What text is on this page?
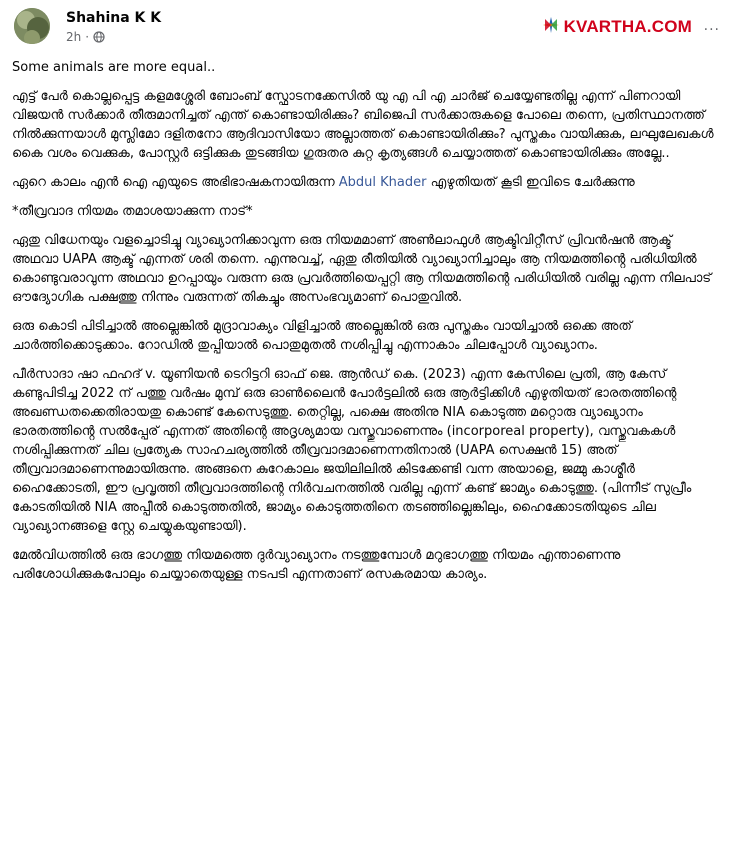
Shahina K K
2h ·
KVARTHA.COM ···

Some animals are more equal..

എട്ട് പേർ കൊല്ലപ്പെട്ട കളമശ്ശേരി ബോംബ് സ്ഫോടനക്കേസിൽ യു എ പി എ ചാർജ് ചെയ്യേണ്ടതില്ല എന്ന് പിണറായി വിജയൻ സർക്കാർ തീരുമാനിച്ചത് എന്ത് കൊണ്ടായിരിക്കും? ബിജെപി സർക്കാരുകളെ പോലെ തന്നെ, പ്രതിസ്ഥാനത്ത് നിൽക്കുന്നയാൾ മുസ്ലിമോ ദളിതനോ ആദിവാസിയോ അല്ലാത്തത് കൊണ്ടായിരിക്കും? പുസ്തകം വായിക്കുക, ലഘുലേഖകൾ കൈ വശം വെക്കുക, പോസ്റ്റർ ഒട്ടിക്കുക തുടങ്ങിയ ഗുരുതര കുറ്റ കൃത്യങ്ങൾ ചെയ്യാത്തത് കൊണ്ടായിരിക്കും അല്ലേ..

ഏറെ കാലം എൻ ഐ എയുടെ അഭിഭാഷകനായിരുന്ന Abdul Khader എഴുതിയത് കൂടി ഇവിടെ ചേർക്കുന്നു

*തീവ്രവാദ നിയമം തമാശയാക്കുന്ന നാട്*

ഏതു വിധേനയും വളച്ചൊടിച്ചു വ്യാഖ്യാനിക്കാവുന്ന ഒരു നിയമമാണ് അൺലാഫുൾ ആക്ടിവിറ്റീസ് പ്രിവൻഷൻ ആക്ട് അഥവാ UAPA ആക്ട് എന്നത് ശരി തന്നെ. എന്നുവച്ച്, ഏതു രീതിയിൽ വ്യാഖ്യാനിച്ചാലും ആ നിയമത്തിൻ്റെ പരിധിയിൽ കൊണ്ടുവരാവുന്ന അഥവാ ഉറപ്പായും വരുന്ന ഒരു പ്രവർത്തിയെപ്പറ്റി ആ നിയമത്തിന്റെ പരിധിയിൽ വരില്ല എന്ന നിലപാട് ഔദ്യോഗിക പക്ഷത്തു നിന്നും വരുന്നത് തികച്ചും അസംഭവ്യമാണ് പൊതുവിൽ.

ഒരു കൊടി പിടിച്ചാൽ അല്ലെങ്കിൽ മുദ്രാവാക്യം വിളിച്ചാൽ അല്ലെങ്കിൽ ഒരു പുസ്തകം വായിച്ചാൽ ഒക്കെ അത് ചാർത്തിക്കൊടുക്കാം. റോഡിൽ തുപ്പിയാൽ പൊതുമുതൽ നശിപ്പിച്ചു എന്നാകാം ചിലപ്പോൾ വ്യാഖ്യാനം.

പീർസാദാ ഷാ ഫഹദ് v. യൂണിയൻ ടെറിട്ടറി ഓഫ് ജെ. ആൻഡ് കെ. (2023) എന്ന കേസിലെ പ്രതി, ആ കേസ് കണ്ടുപിടിച്ച 2022 ന് പത്തു വർഷം മുമ്പ് ഒരു ഓൺലൈൻ പോർട്ടലിൽ ഒരു ആർട്ടിക്കിൾ എഴുതിയത് ഭാരതത്തിന്റെ അഖണ്ഡതക്കെതിരായതു കൊണ്ട് കേസെടുത്തു. തെറ്റില്ല, പക്ഷെ അതിനു NIA കൊടുത്ത മറ്റൊരു വ്യാഖ്യാനം ഭാരതത്തിൻ്റെ സൽപ്പേര് എന്നത് അതിന്റെ അദൃശ്യമായ വസ്തുവാണെന്നും (incorporeal property), വസ്തുവകകൾ നശിപ്പിക്കുന്നത് ചില പ്രത്യേക സാഹചര്യത്തിൽ തീവ്രവാദമാണെന്നതിനാൽ (UAPA സെക്ഷൻ 15) അത് തീവ്രവാദമാണെന്നുമായിരുന്നു. അങ്ങനെ കുറേകാലം ജയിലിലിൽ കിടക്കേണ്ടി വന്ന അയാളെ, ജമ്മു കാശ്മീർ ഹൈക്കോടതി, ഈ പ്രവൃത്തി തീവ്രവാദത്തിന്റെ നിർവചനത്തിൽ വരില്ല എന്ന് കണ്ട് ജാമ്യം കൊടുത്തു. (പിന്നീട് സുപ്രീം കോടതിയിൽ NIA അപ്പീൽ കൊടുത്തതിൽ, ജാമ്യം കൊടുത്തതിനെ തടഞ്ഞില്ലെങ്കിലും, ഹൈക്കോടതിയുടെ ചില വ്യാഖ്യാനങ്ങളെ സ്റ്റേ ചെയ്യുകയുണ്ടായി).

മേൽവിധത്തിൽ ഒരു ഭാഗത്തു നിയമത്തെ ദുർവ്യാഖ്യാനം നടത്തുമ്പോൾ മറുഭാഗത്തു നിയമം എന്താണെന്നു പരിശോധിക്കുകപോലും ചെയ്യാതെയുള്ള നടപടി എന്നതാണ് രസകരമായ കാര്യം.
